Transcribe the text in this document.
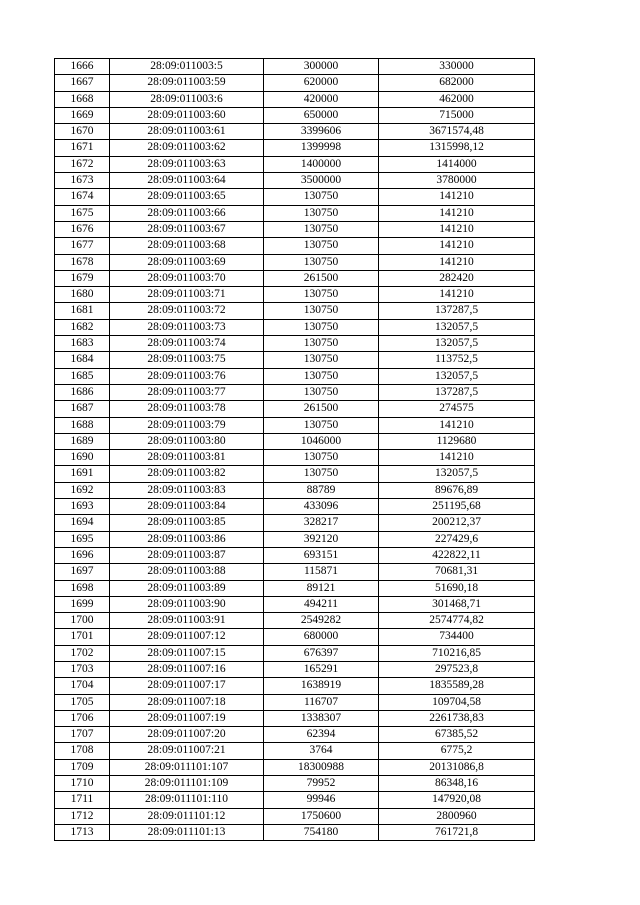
1666	28:09:011003:5	300000	330000
1667	28:09:011003:59	620000	682000
1668	28:09:011003:6	420000	462000
1669	28:09:011003:60	650000	715000
1670	28:09:011003:61	3399606	3671574,48
1671	28:09:011003:62	1399998	1315998,12
1672	28:09:011003:63	1400000	1414000
1673	28:09:011003:64	3500000	3780000
1674	28:09:011003:65	130750	141210
1675	28:09:011003:66	130750	141210
1676	28:09:011003:67	130750	141210
1677	28:09:011003:68	130750	141210
1678	28:09:011003:69	130750	141210
1679	28:09:011003:70	261500	282420
1680	28:09:011003:71	130750	141210
1681	28:09:011003:72	130750	137287,5
1682	28:09:011003:73	130750	132057,5
1683	28:09:011003:74	130750	132057,5
1684	28:09:011003:75	130750	113752,5
1685	28:09:011003:76	130750	132057,5
1686	28:09:011003:77	130750	137287,5
1687	28:09:011003:78	261500	274575
1688	28:09:011003:79	130750	141210
1689	28:09:011003:80	1046000	1129680
1690	28:09:011003:81	130750	141210
1691	28:09:011003:82	130750	132057,5
1692	28:09:011003:83	88789	89676,89
1693	28:09:011003:84	433096	251195,68
1694	28:09:011003:85	328217	200212,37
1695	28:09:011003:86	392120	227429,6
1696	28:09:011003:87	693151	422822,11
1697	28:09:011003:88	115871	70681,31
1698	28:09:011003:89	89121	51690,18
1699	28:09:011003:90	494211	301468,71
1700	28:09:011003:91	2549282	2574774,82
1701	28:09:011007:12	680000	734400
1702	28:09:011007:15	676397	710216,85
1703	28:09:011007:16	165291	297523,8
1704	28:09:011007:17	1638919	1835589,28
1705	28:09:011007:18	116707	109704,58
1706	28:09:011007:19	1338307	2261738,83
1707	28:09:011007:20	62394	67385,52
1708	28:09:011007:21	3764	6775,2
1709	28:09:011101:107	18300988	20131086,8
1710	28:09:011101:109	79952	86348,16
1711	28:09:011101:110	99946	147920,08
1712	28:09:011101:12	1750600	2800960
1713	28:09:011101:13	754180	761721,8
